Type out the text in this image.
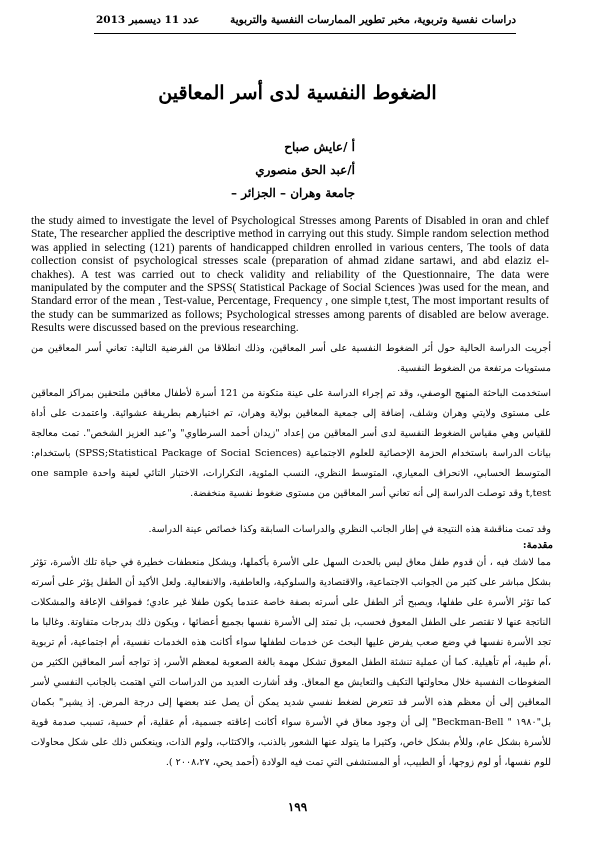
دراسات نفسية وتربوية، مخبر تطوير الممارسات النفسية والتربوية
عدد 11 ديسمبر 2013
الضغوط النفسية لدى أسر المعاقين
أ /عايش صباح
أ/عبد الحق منصوري
جامعة وهران – الجزائر –
the study aimed to investigate the level of Psychological Stresses among Parents of Disabled in oran and chlef State, The researcher applied the descriptive method in carrying out this study. Simple random selection method was applied in selecting (121) parents of handicapped children enrolled in various centers, The tools of data collection consist of psychological stresses scale (preparation of ahmad zidane sartawi, and abd elaziz el-chakhes). A test was carried out to check validity and reliability of the Questionnaire, The data were manipulated by the computer and the SPSS( Statistical Package of Social Sciences )was used for the mean, and Standard error of the mean , Test-value, Percentage, Frequency , one simple t,test, The most important results of the study can be summarized as follows; Psychological stresses among parents of disabled are below average. Results were discussed based on the previous researching.
أجريت الدراسة الحالية حول أثر الضغوط النفسية على أسر المعاقين، وذلك انطلاقا من الفرضية التالية: تعاني أسر المعاقين من مستويات مرتفعة من الضغوط النفسية.
استخدمت الباحثة المنهج الوصفي، وقد تم إجراء الدراسة على عينة متكونة من 121 أسرة لأطفال معاقين ملتحقين بمراكز المعاقين على مستوى ولايتي وهران وشلف، إضافة إلى جمعية المعاقين بولاية وهران، تم اختيارهم بطريقة عشوائية. واعتمدت على أداة للقياس وهي مقياس الضغوط النفسية لدى أسر المعاقين من إعداد "زيدان أحمد السرطاوي" و"عبد العزيز الشخص". تمت معالجة بيانات الدراسة باستخدام الحزمة الإحصائية للعلوم الاجتماعية (SPSS;Statistical Package of Social Sciences) باستخدام: المتوسط الحسابي، الانحراف المعياري، المتوسط النظري، النسب المئوية، التكرارات، الاختبار التائي لعينة واحدة one sample t,test وقد توصلت الدراسة إلى أنه تعاني أسر المعاقين من مستوى ضغوط نفسية منخفضة.
وقد تمت مناقشة هذه النتيجة في إطار الجانب النظري والدراسات السابقة وكذا خصائص عينة الدراسة.
مقدمة:
مما لاشك فيه ، أن قدوم طفل معاق ليس بالحدث السهل على الأسرة بأكملها، ويشكل منعطفات خطيرة في حياة تلك الأسرة، تؤثر بشكل مباشر على كثير من الجوانب الاجتماعية، والاقتصادية والسلوكية، والعاطفية، والانفعالية. ولعل الأكيد أن الطفل يؤثر على أسرته كما تؤثر الأسرة على طفلها، ويصبح أثر الطفل على أسرته بصفة خاصة عندما يكون طفلا غير عادي؛ فمواقف الإعاقة والمشكلات الناتجة عنها لا تقتصر على الطفل المعوق فحسب، بل تمتد إلى الأسرة نفسها بجميع أعضائها ، ويكون ذلك بدرجات متفاوتة. وغالبا ما تجد الأسرة نفسها في وضع صعب يفرض عليها البحث عن خدمات لطفلها سواء أكانت هذه الخدمات نفسية، أم اجتماعية، أم تربوية ،أم طبية، أم تأهيلية. كما أن عملية تنشئة الطفل المعوق تشكل مهمة بالغة الصعوبة لمعظم الأسر، إذ تواجه أسر المعاقين الكثير من الضغوطات النفسية خلال محاولتها التكيف والتعايش مع المعاق. وقد أشارت العديد من الدراسات التي اهتمت بالجانب النفسي لأسر المعاقين إلى أن معظم هذه الأسر قد تتعرض لضغط نفسي شديد يمكن أن يصل عند بعضها إلى درجة المرض. إذ يشير" بكمان بل"١٩٨٠ " Beckman-Bell" إلى أن وجود معاق في الأسرة سواء أكانت إعاقته جسمية، أم عقلية، أم حسية، تسبب صدمة قوية للأسرة بشكل عام، وللأم بشكل خاص، وكثيرا ما يتولد عنها الشعور بالذنب، والاكتئاب، ولوم الذات، وينعكس ذلك على شكل محاولات للوم نفسها، أو لوم زوجها، أو الطبيب، أو المستشفى التي تمت فيه الولادة (أحمد يحي، ٢٠٠٨،٢٧ ).
١٩٩
